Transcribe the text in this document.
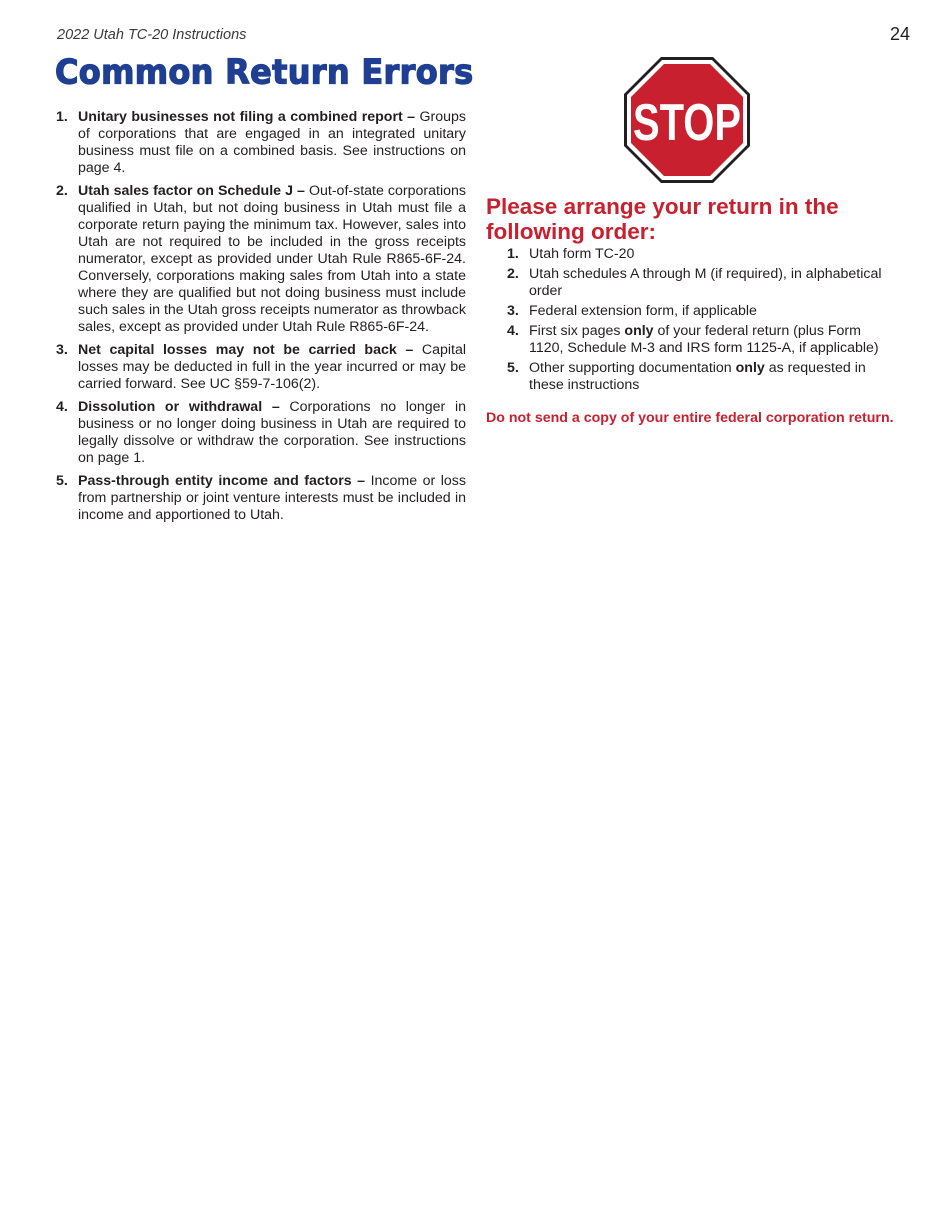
2022 Utah TC-20 Instructions	24
Common Return Errors
1. Unitary businesses not filing a combined report – Groups of corporations that are engaged in an integrated unitary business must file on a combined basis. See instructions on page 4.
2. Utah sales factor on Schedule J – Out-of-state corporations qualified in Utah, but not doing business in Utah must file a corporate return paying the minimum tax. However, sales into Utah are not required to be included in the gross receipts numerator, except as provided under Utah Rule R865-6F-24. Conversely, corporations making sales from Utah into a state where they are qualified but not doing business must include such sales in the Utah gross receipts numerator as throwback sales, except as provided under Utah Rule R865-6F-24.
3. Net capital losses may not be carried back – Capital losses may be deducted in full in the year incurred or may be carried forward. See UC §59-7-106(2).
4. Dissolution or withdrawal – Corporations no longer in business or no longer doing business in Utah are required to legally dissolve or withdraw the corporation. See instructions on page 1.
5. Pass-through entity income and factors – Income or loss from partnership or joint venture interests must be included in income and apportioned to Utah.
STOP
Please arrange your return in the following order:
1. Utah form TC-20
2. Utah schedules A through M (if required), in alphabetical order
3. Federal extension form, if applicable
4. First six pages only of your federal return (plus Form 1120, Schedule M-3 and IRS form 1125-A, if applicable)
5. Other supporting documentation only as requested in these instructions
Do not send a copy of your entire federal corporation return.
